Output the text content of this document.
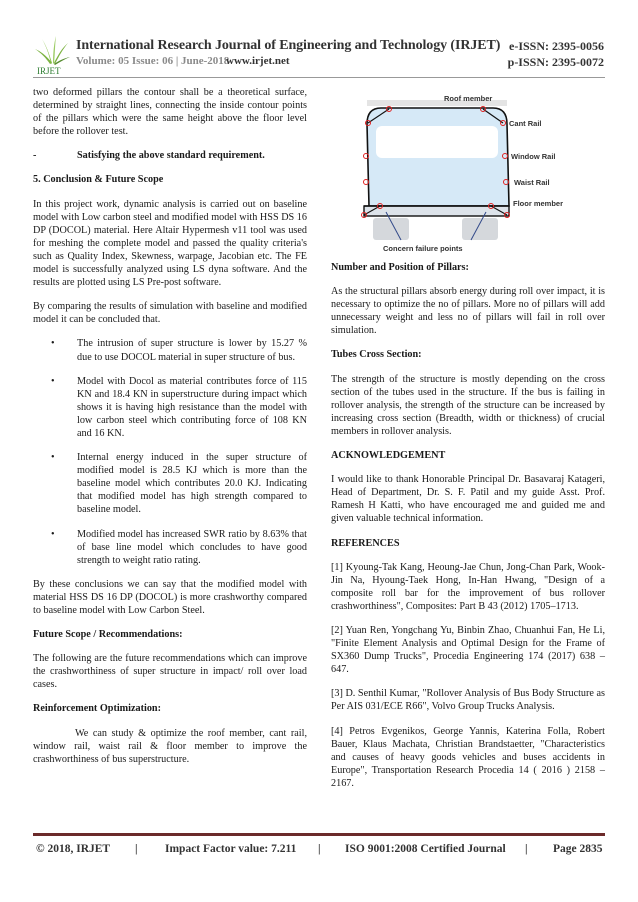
IRJET
International Research Journal of Engineering and Technology (IRJET) e-ISSN: 2395-0056
Volume: 05 Issue: 06 | June-2018
www.irjet.net	p-ISSN: 2395-0072

two deformed pillars the contour shall be a theoretical surface, determined by straight lines, connecting the inside contour points of the pillars which were the same height above the floor level before the rollover test.

-	Satisfying the above standard requirement.

5. Conclusion & Future Scope

In this project work, dynamic analysis is carried out on baseline model with Low carbon steel and modified model with HSS DS 16 DP (DOCOL) material. Here Altair Hypermesh v11 tool was used for meshing the complete model and passed the quality criteria's such as Quality Index, Skewness, warpage, Jacobian etc. The FE model is successfully analyzed using LS dyna software. And the results are plotted using LS Pre-post software.

By comparing the results of simulation with baseline and modified model it can be concluded that.

•	The intrusion of super structure is lower by 15.27 % due to use DOCOL material in super structure of bus.
•	Model with Docol as material contributes force of 115 KN and 18.4 KN in superstructure during impact which shows it is having high resistance than the model with low carbon steel which contributing force of 108 KN and 16 KN.
•	Internal energy induced in the super structure of modified model is 28.5 KJ which is more than the baseline model which contributes 20.0 KJ. Indicating that modified model has high strength compared to baseline model.
•	Modified model has increased SWR ratio by 8.63% that of base line model which concludes to have good strength to weight ratio rating.

By these conclusions we can say that the modified model with material HSS DS 16 DP (DOCOL) is more crashworthy compared to baseline model with Low Carbon Steel.

Future Scope / Recommendations:

The following are the future recommendations which can improve the crashworthiness of super structure in impact/ roll over load cases.

Reinforcement Optimization:

We can study & optimize the roof member, cant rail, window rail, waist rail & floor member to improve the crashworthiness of bus superstructure.

Roof member
Cant Rail
Window Rail
Waist Rail
Floor member
Concern failure points

Number and Position of Pillars:

As the structural pillars absorb energy during roll over impact, it is necessary to optimize the no of pillars. More no of pillars will add unnecessary weight and less no of pillars will fail in roll over simulation.

Tubes Cross Section:

The strength of the structure is mostly depending on the cross section of the tubes used in the structure. If the bus is failing in rollover analysis, the strength of the structure can be increased by increasing cross section (Breadth, width or thickness) of crucial members in rollover analysis.

ACKNOWLEDGEMENT

I would like to thank Honorable Principal Dr. Basavaraj Katageri, Head of Department, Dr. S. F. Patil and my guide Asst. Prof. Ramesh H Katti, who have encouraged me and guided me and given valuable technical information.

REFERENCES

[1] Kyoung-Tak Kang, Heoung-Jae Chun, Jong-Chan Park, Wook-Jin Na, Hyoung-Taek Hong, In-Han Hwang, "Design of a composite roll bar for the improvement of bus rollover crashworthiness", Composites: Part B 43 (2012) 1705–1713.

[2] Yuan Ren, Yongchang Yu, Binbin Zhao, Chuanhui Fan, He Li, "Finite Element Analysis and Optimal Design for the Frame of SX360 Dump Trucks", Procedia Engineering 174 (2017) 638 – 647.

[3] D. Senthil Kumar, "Rollover Analysis of Bus Body Structure as Per AIS 031/ECE R66", Volvo Group Trucks Analysis.

[4] Petros Evgenikos, George Yannis, Katerina Folla, Robert Bauer, Klaus Machata, Christian Brandstaetter, "Characteristics and causes of heavy goods vehicles and buses accidents in Europe", Transportation Research Procedia 14 ( 2016 ) 2158 – 2167.

© 2018, IRJET | Impact Factor value: 7.211 | ISO 9001:2008 Certified Journal | Page 2835
